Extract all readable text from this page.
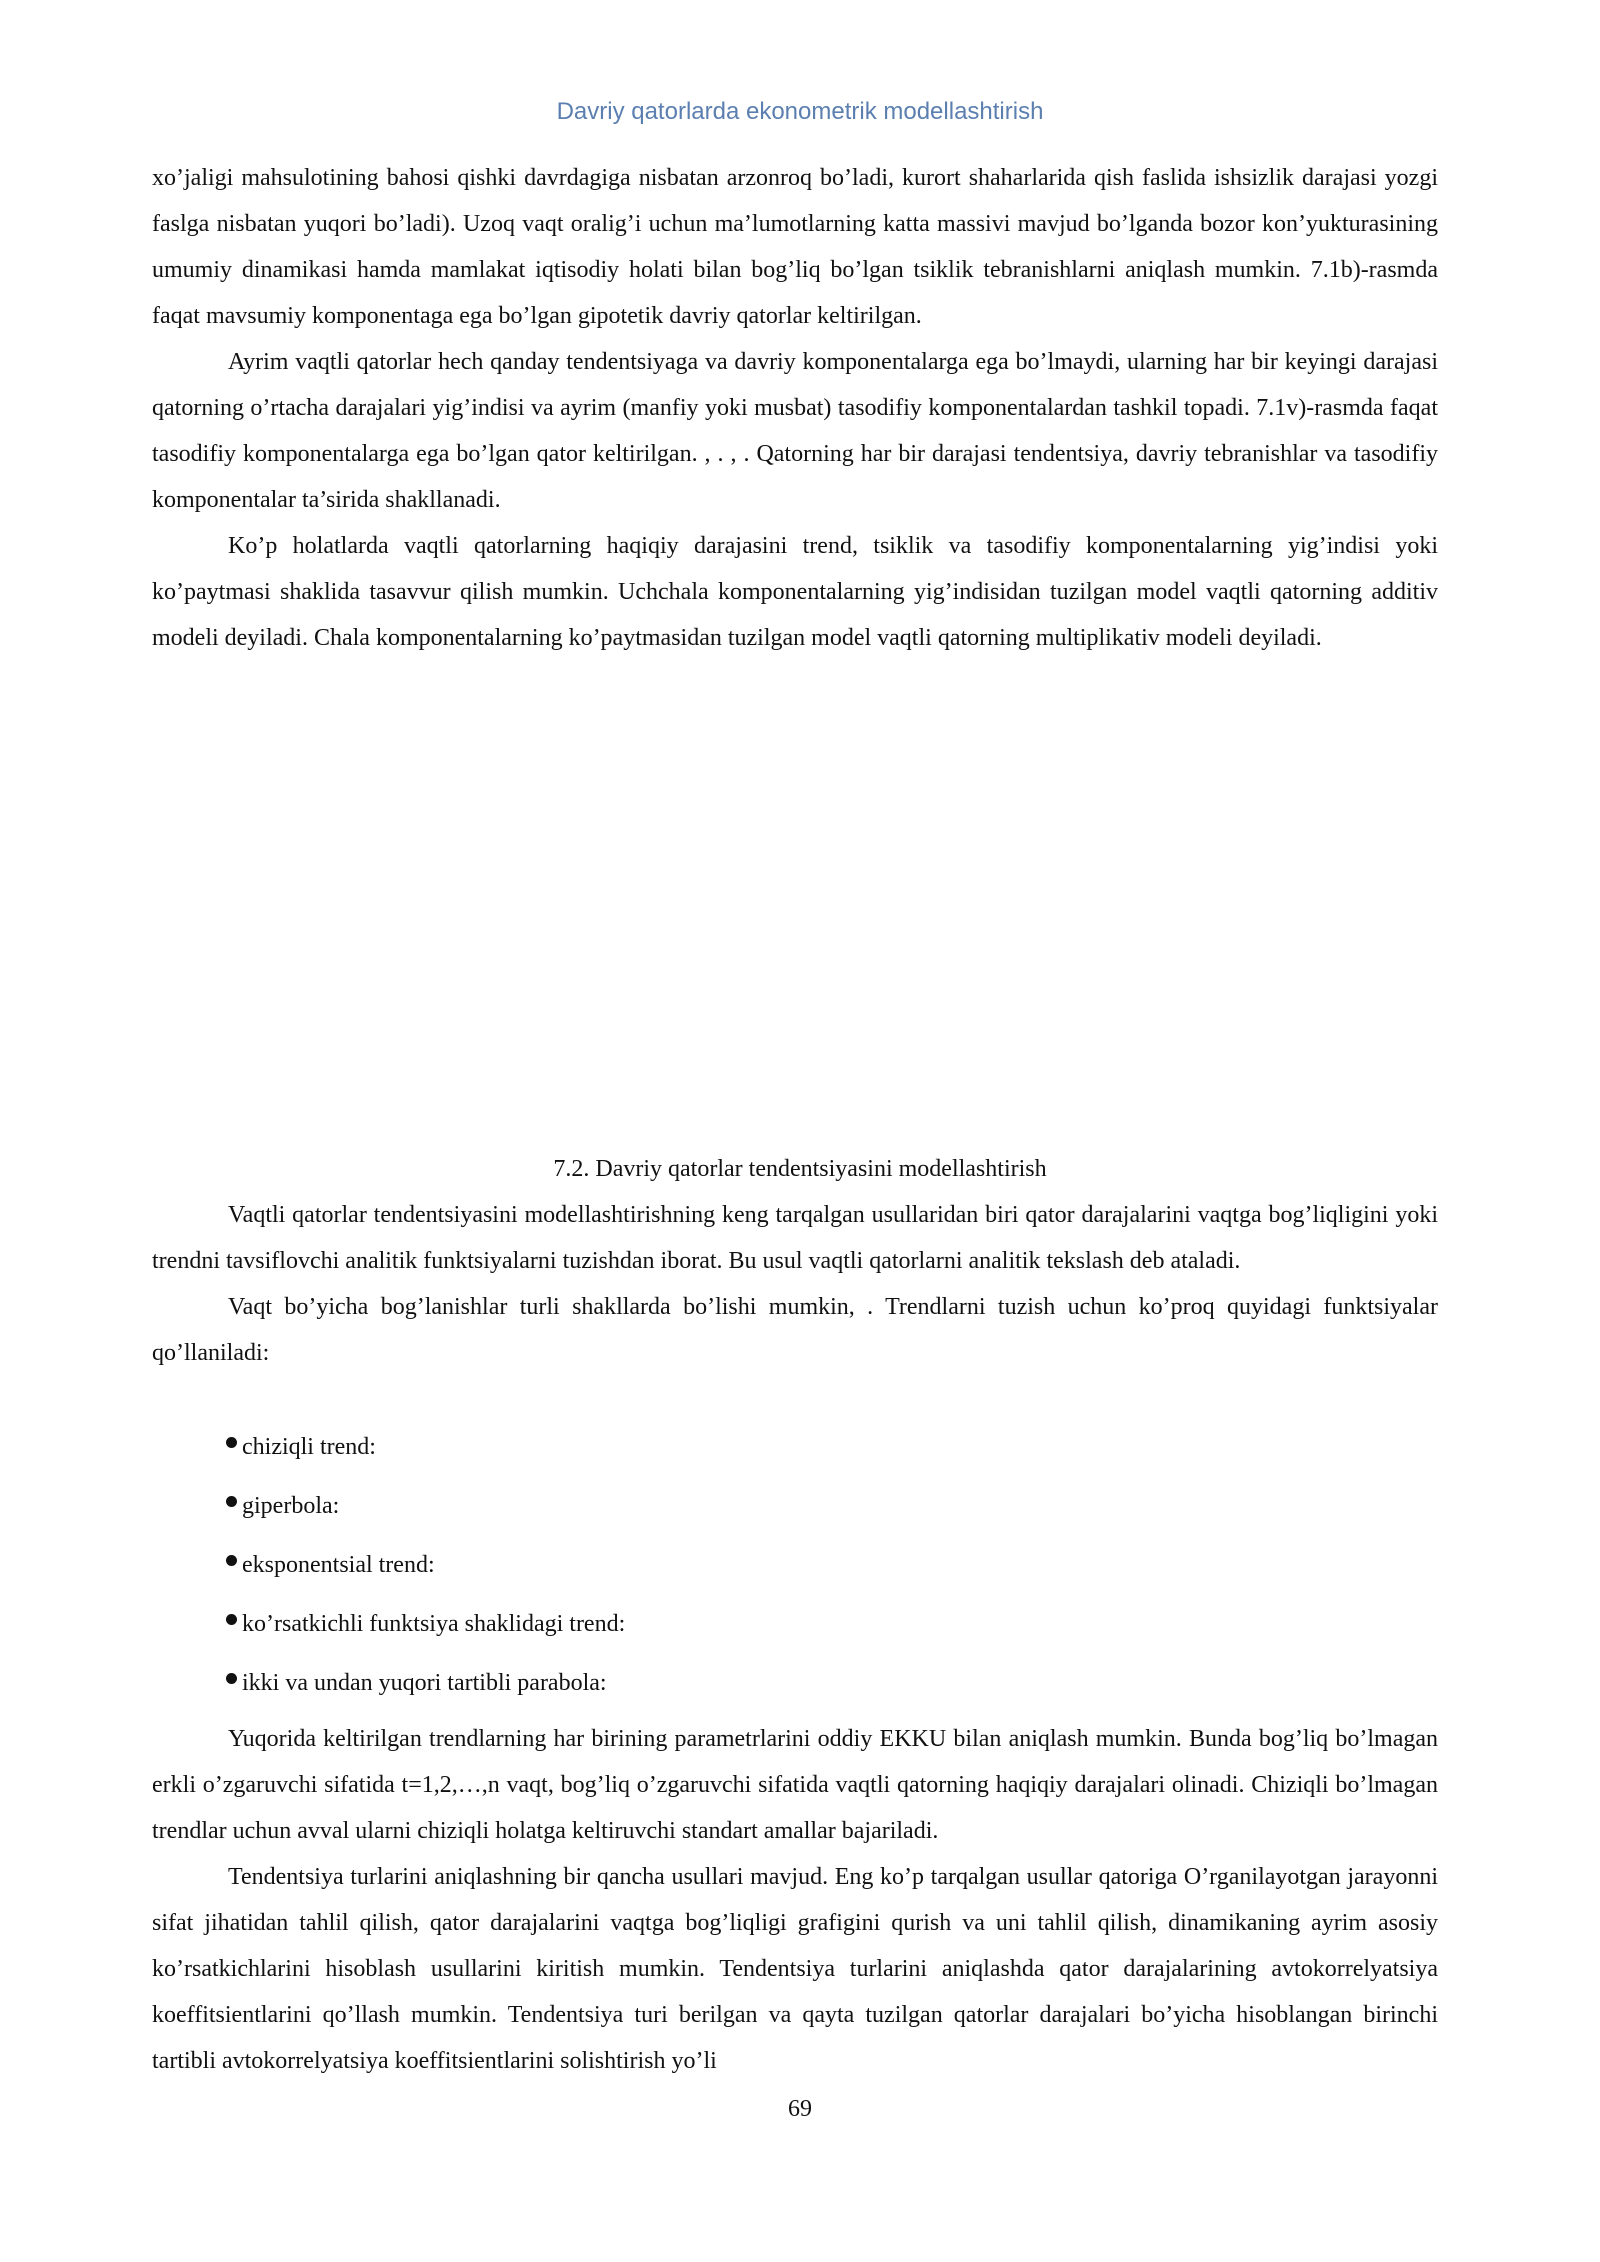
Davriy qatorlarda ekonometrik modellashtirish

xo’jaligi mahsulotining bahosi qishki davrdagiga nisbatan arzonroq bo’ladi, kurort shaharlarida qish faslida ishsizlik darajasi yozgi faslga nisbatan yuqori bo’ladi). Uzoq vaqt oralig’i uchun ma’lumotlarning katta massivi mavjud bo’lganda bozor kon’yukturasining umumiy dinamikasi hamda mamlakat iqtisodiy holati bilan bog’liq bo’lgan tsiklik tebranishlarni aniqlash mumkin. 7.1b)-rasmda faqat mavsumiy komponentaga ega bo’lgan gipotetik davriy qatorlar keltirilgan.

Ayrim vaqtli qatorlar hech qanday tendentsiyaga va davriy komponentalarga ega bo’lmaydi, ularning har bir keyingi darajasi qatorning o’rtacha darajalari yig’indisi va ayrim (manfiy yoki musbat) tasodifiy komponentalardan tashkil topadi. 7.1v)-rasmda faqat tasodifiy komponentalarga ega bo’lgan qator keltirilgan. , . , . Qatorning har bir darajasi tendentsiya, davriy tebranishlar va tasodifiy komponentalar ta’sirida shakllanadi.

Ko’p holatlarda vaqtli qatorlarning haqiqiy darajasini trend, tsiklik va tasodifiy komponentalarning yig’indisi yoki ko’paytmasi shaklida tasavvur qilish mumkin. Uchchala komponentalarning yig’indisidan tuzilgan model vaqtli qatorning additiv modeli deyiladi. Chala komponentalarning ko’paytmasidan tuzilgan model vaqtli qatorning multiplikativ modeli deyiladi.

7.2. Davriy qatorlar tendentsiyasini modellashtirish

Vaqtli qatorlar tendentsiyasini modellashtirishning keng tarqalgan usullaridan biri qator darajalarini vaqtga bog’liqligini yoki trendni tavsiflovchi analitik funktsiyalarni tuzishdan iborat. Bu usul vaqtli qatorlarni analitik tekslash deb ataladi.

Vaqt bo’yicha bog’lanishlar turli shakllarda bo’lishi mumkin, . Trendlarni tuzish uchun ko’proq quyidagi funktsiyalar qo’llaniladi:

chiziqli trend:
giperbola:
eksponentsial trend:
ko’rsatkichli funktsiya shaklidagi trend:
ikki va undan yuqori tartibli parabola:

Yuqorida keltirilgan trendlarning har birining parametrlarini oddiy EKKU bilan aniqlash mumkin. Bunda bog’liq bo’lmagan erkli o’zgaruvchi sifatida t=1,2,…,n vaqt, bog’liq o’zgaruvchi sifatida vaqtli qatorning haqiqiy darajalari olinadi. Chiziqli bo’lmagan trendlar uchun avval ularni chiziqli holatga keltiruvchi standart amallar bajariladi.

Tendentsiya turlarini aniqlashning bir qancha usullari mavjud. Eng ko’p tarqalgan usullar qatoriga O’rganilayotgan jarayonni sifat jihatidan tahlil qilish, qator darajalarini vaqtga bog’liqligi grafigini qurish va uni tahlil qilish, dinamikaning ayrim asosiy ko’rsatkichlarini hisoblash usullarini kiritish mumkin. Tendentsiya turlarini aniqlashda qator darajalarining avtokorrelyatsiya koeffitsientlarini qo’llash mumkin. Tendentsiya turi berilgan va qayta tuzilgan qatorlar darajalari bo’yicha hisoblangan birinchi tartibli avtokorrelyatsiya koeffitsientlarini solishtirish yo’li

69
